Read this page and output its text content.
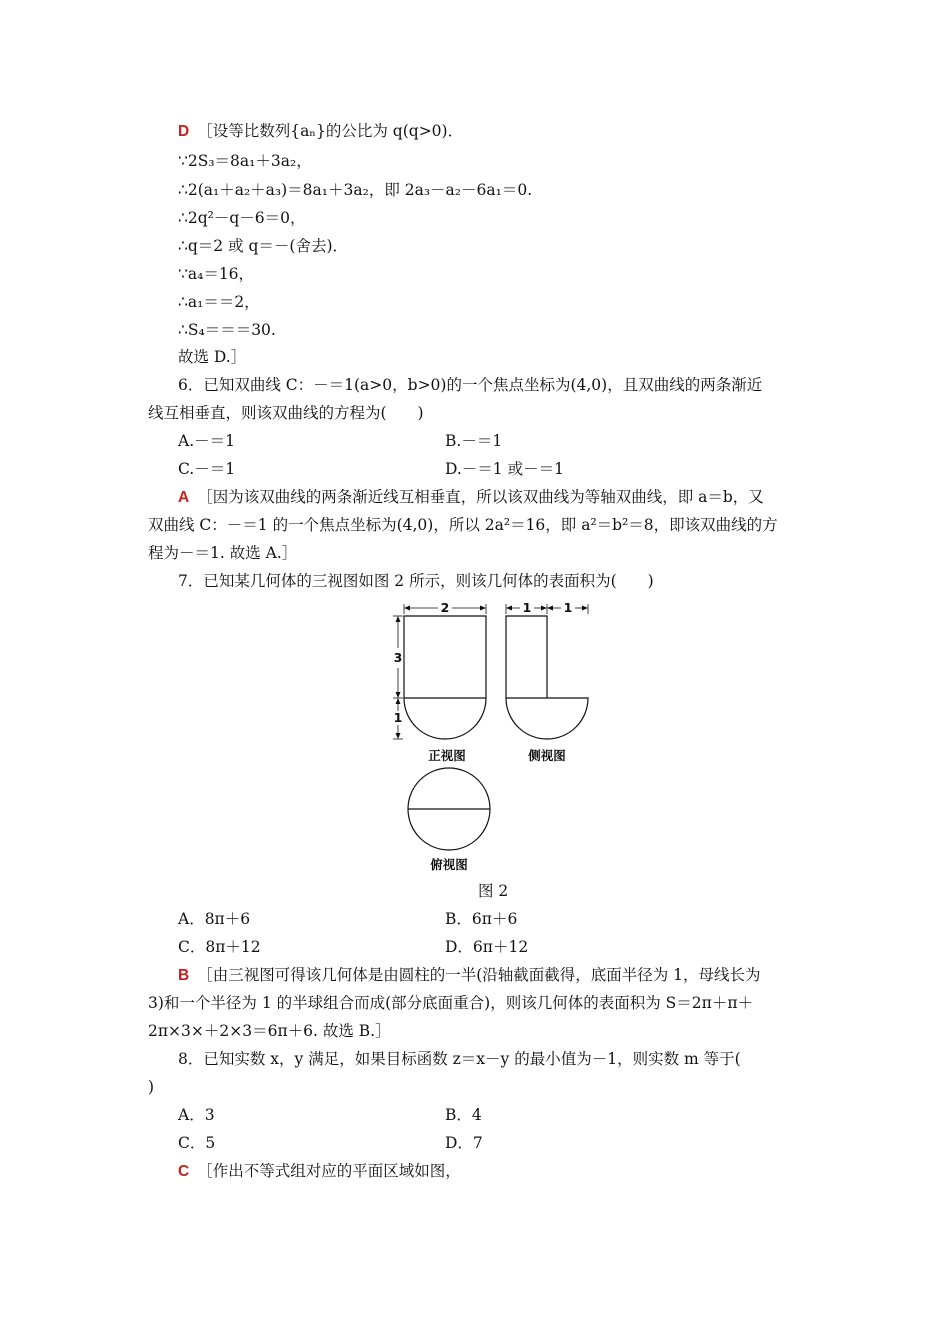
D ［设等比数列{aₙ}的公比为 q(q>0)．
∵2S₃＝8a₁＋3a₂，
∴2(a₁＋a₂＋a₃)＝8a₁＋3a₂，即 2a₃－a₂－6a₁＝0.
∴2q²－q－6＝0，
∴q＝2 或 q＝－(舍去)．
∵a₄＝16，
∴a₁＝＝2，
∴S₄＝＝＝30.
故选 D.］
6．已知双曲线 C：－＝1(a>0，b>0)的一个焦点坐标为(4,0)，且双曲线的两条渐近
线互相垂直，则该双曲线的方程为(　　)
A.－＝1	B.－＝1
C.－＝1	D.－＝1 或－＝1
A ［因为该双曲线的两条渐近线互相垂直，所以该双曲线为等轴双曲线，即 a＝b，又
双曲线 C：－＝1 的一个焦点坐标为(4,0)，所以 2a²＝16，即 a²＝b²＝8，即该双曲线的方
程为－＝1. 故选 A.］
7．已知某几何体的三视图如图 2 所示，则该几何体的表面积为(　　)
A．8π＋6	B．6π＋6
C．8π＋12	D．6π＋12
B ［由三视图可得该几何体是由圆柱的一半(沿轴截面截得，底面半径为 1，母线长为
3)和一个半径为 1 的半球组合而成(部分底面重合)，则该几何体的表面积为 S＝2π＋π＋
2π×3×＋2×3＝6π＋6. 故选 B.］
8．已知实数 x，y 满足，如果目标函数 z＝x－y 的最小值为－1，则实数 m 等于(
)
A．3	B．4
C．5	D．7
C ［作出不等式组对应的平面区域如图，
2	1	1
3
1
正视图	侧视图
俯视图
图 2
